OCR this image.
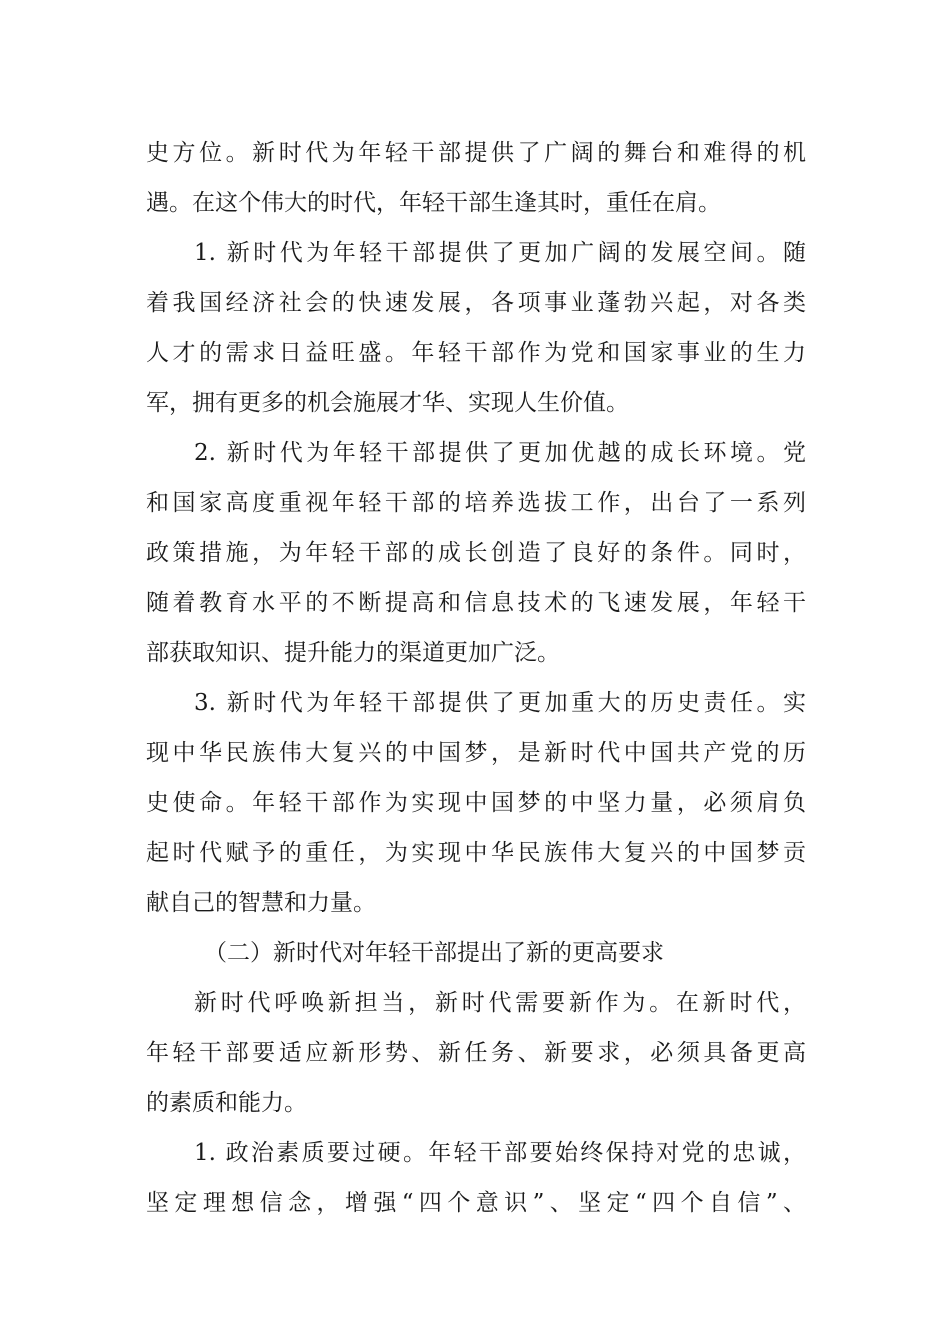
史方位。新时代为年轻干部提供了广阔的舞台和难得的机
遇。在这个伟大的时代，年轻干部生逢其时，重任在肩。
1. 新时代为年轻干部提供了更加广阔的发展空间。随
着我国经济社会的快速发展，各项事业蓬勃兴起，对各类
人才的需求日益旺盛。年轻干部作为党和国家事业的生力
军，拥有更多的机会施展才华、实现人生价值。
2. 新时代为年轻干部提供了更加优越的成长环境。党
和国家高度重视年轻干部的培养选拔工作，出台了一系列
政策措施，为年轻干部的成长创造了良好的条件。同时，
随着教育水平的不断提高和信息技术的飞速发展，年轻干
部获取知识、提升能力的渠道更加广泛。
3. 新时代为年轻干部提供了更加重大的历史责任。实
现中华民族伟大复兴的中国梦，是新时代中国共产党的历
史使命。年轻干部作为实现中国梦的中坚力量，必须肩负
起时代赋予的重任，为实现中华民族伟大复兴的中国梦贡
献自己的智慧和力量。
（二）新时代对年轻干部提出了新的更高要求
新时代呼唤新担当，新时代需要新作为。在新时代，
年轻干部要适应新形势、新任务、新要求，必须具备更高
的素质和能力。
1. 政治素质要过硬。年轻干部要始终保持对党的忠诚，
坚定理想信念，增强“四个意识”、坚定“四个自信”、
